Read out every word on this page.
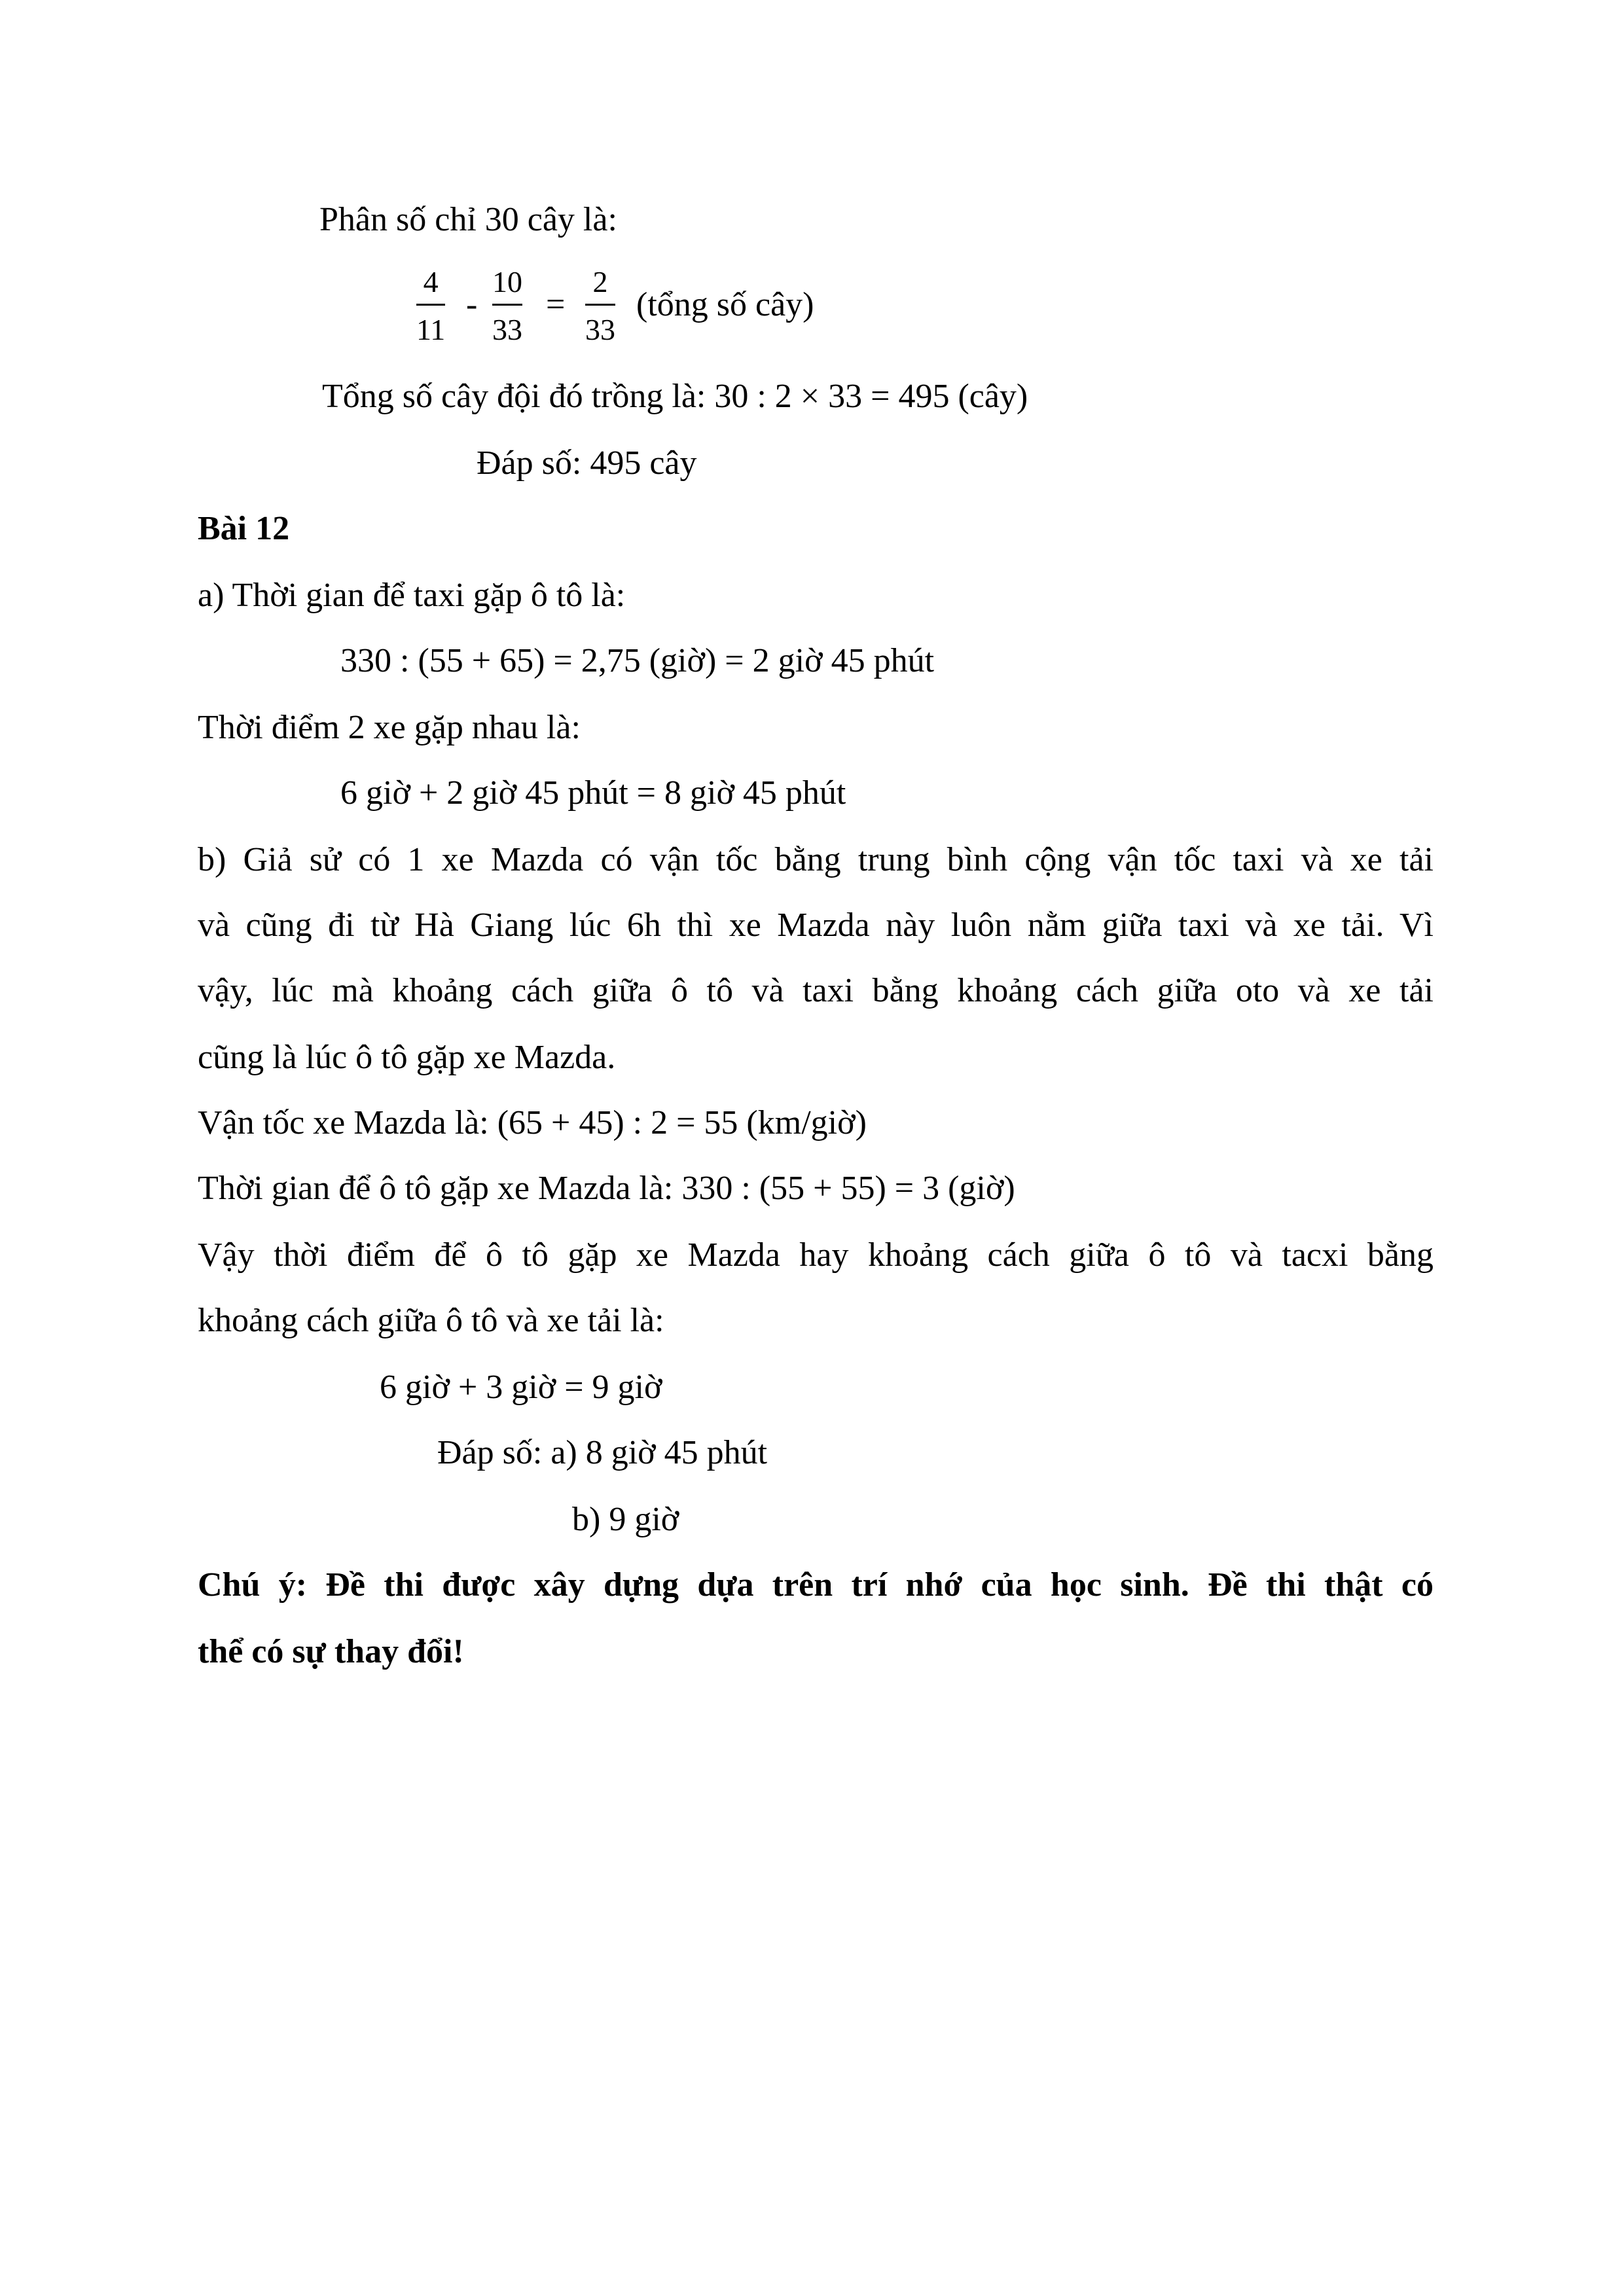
Phân số chỉ 30 cây là:
4
11
-
10
33
=
2
33
(tổng số cây)
Tổng số cây đội đó trồng là: 30 : 2 × 33 = 495 (cây)
Đáp số: 495 cây
Bài 12
a) Thời gian để taxi gặp ô tô là:
330 : (55 + 65) = 2,75 (giờ) = 2 giờ 45 phút
Thời điểm 2 xe gặp nhau là:
6 giờ + 2 giờ 45 phút = 8 giờ 45 phút
b) Giả sử có 1 xe Mazda có vận tốc bằng trung bình cộng vận tốc taxi và xe tải
và cũng đi từ Hà Giang lúc 6h thì xe Mazda này luôn nằm giữa taxi và xe tải. Vì
vậy, lúc mà khoảng cách giữa ô tô và taxi bằng khoảng cách giữa oto và xe tải
cũng là lúc ô tô gặp xe Mazda.
Vận tốc xe Mazda là: (65 + 45) : 2 = 55 (km/giờ)
Thời gian để ô tô gặp xe Mazda là: 330 : (55 + 55) = 3 (giờ)
Vậy thời điểm để ô tô gặp xe Mazda hay khoảng cách giữa ô tô và tacxi bằng
khoảng cách giữa ô tô và xe tải là:
6 giờ + 3 giờ = 9 giờ
Đáp số: a) 8 giờ 45 phút
b) 9 giờ
Chú ý: Đề thi được xây dựng dựa trên trí nhớ của học sinh. Đề thi thật có
thể có sự thay đổi!
